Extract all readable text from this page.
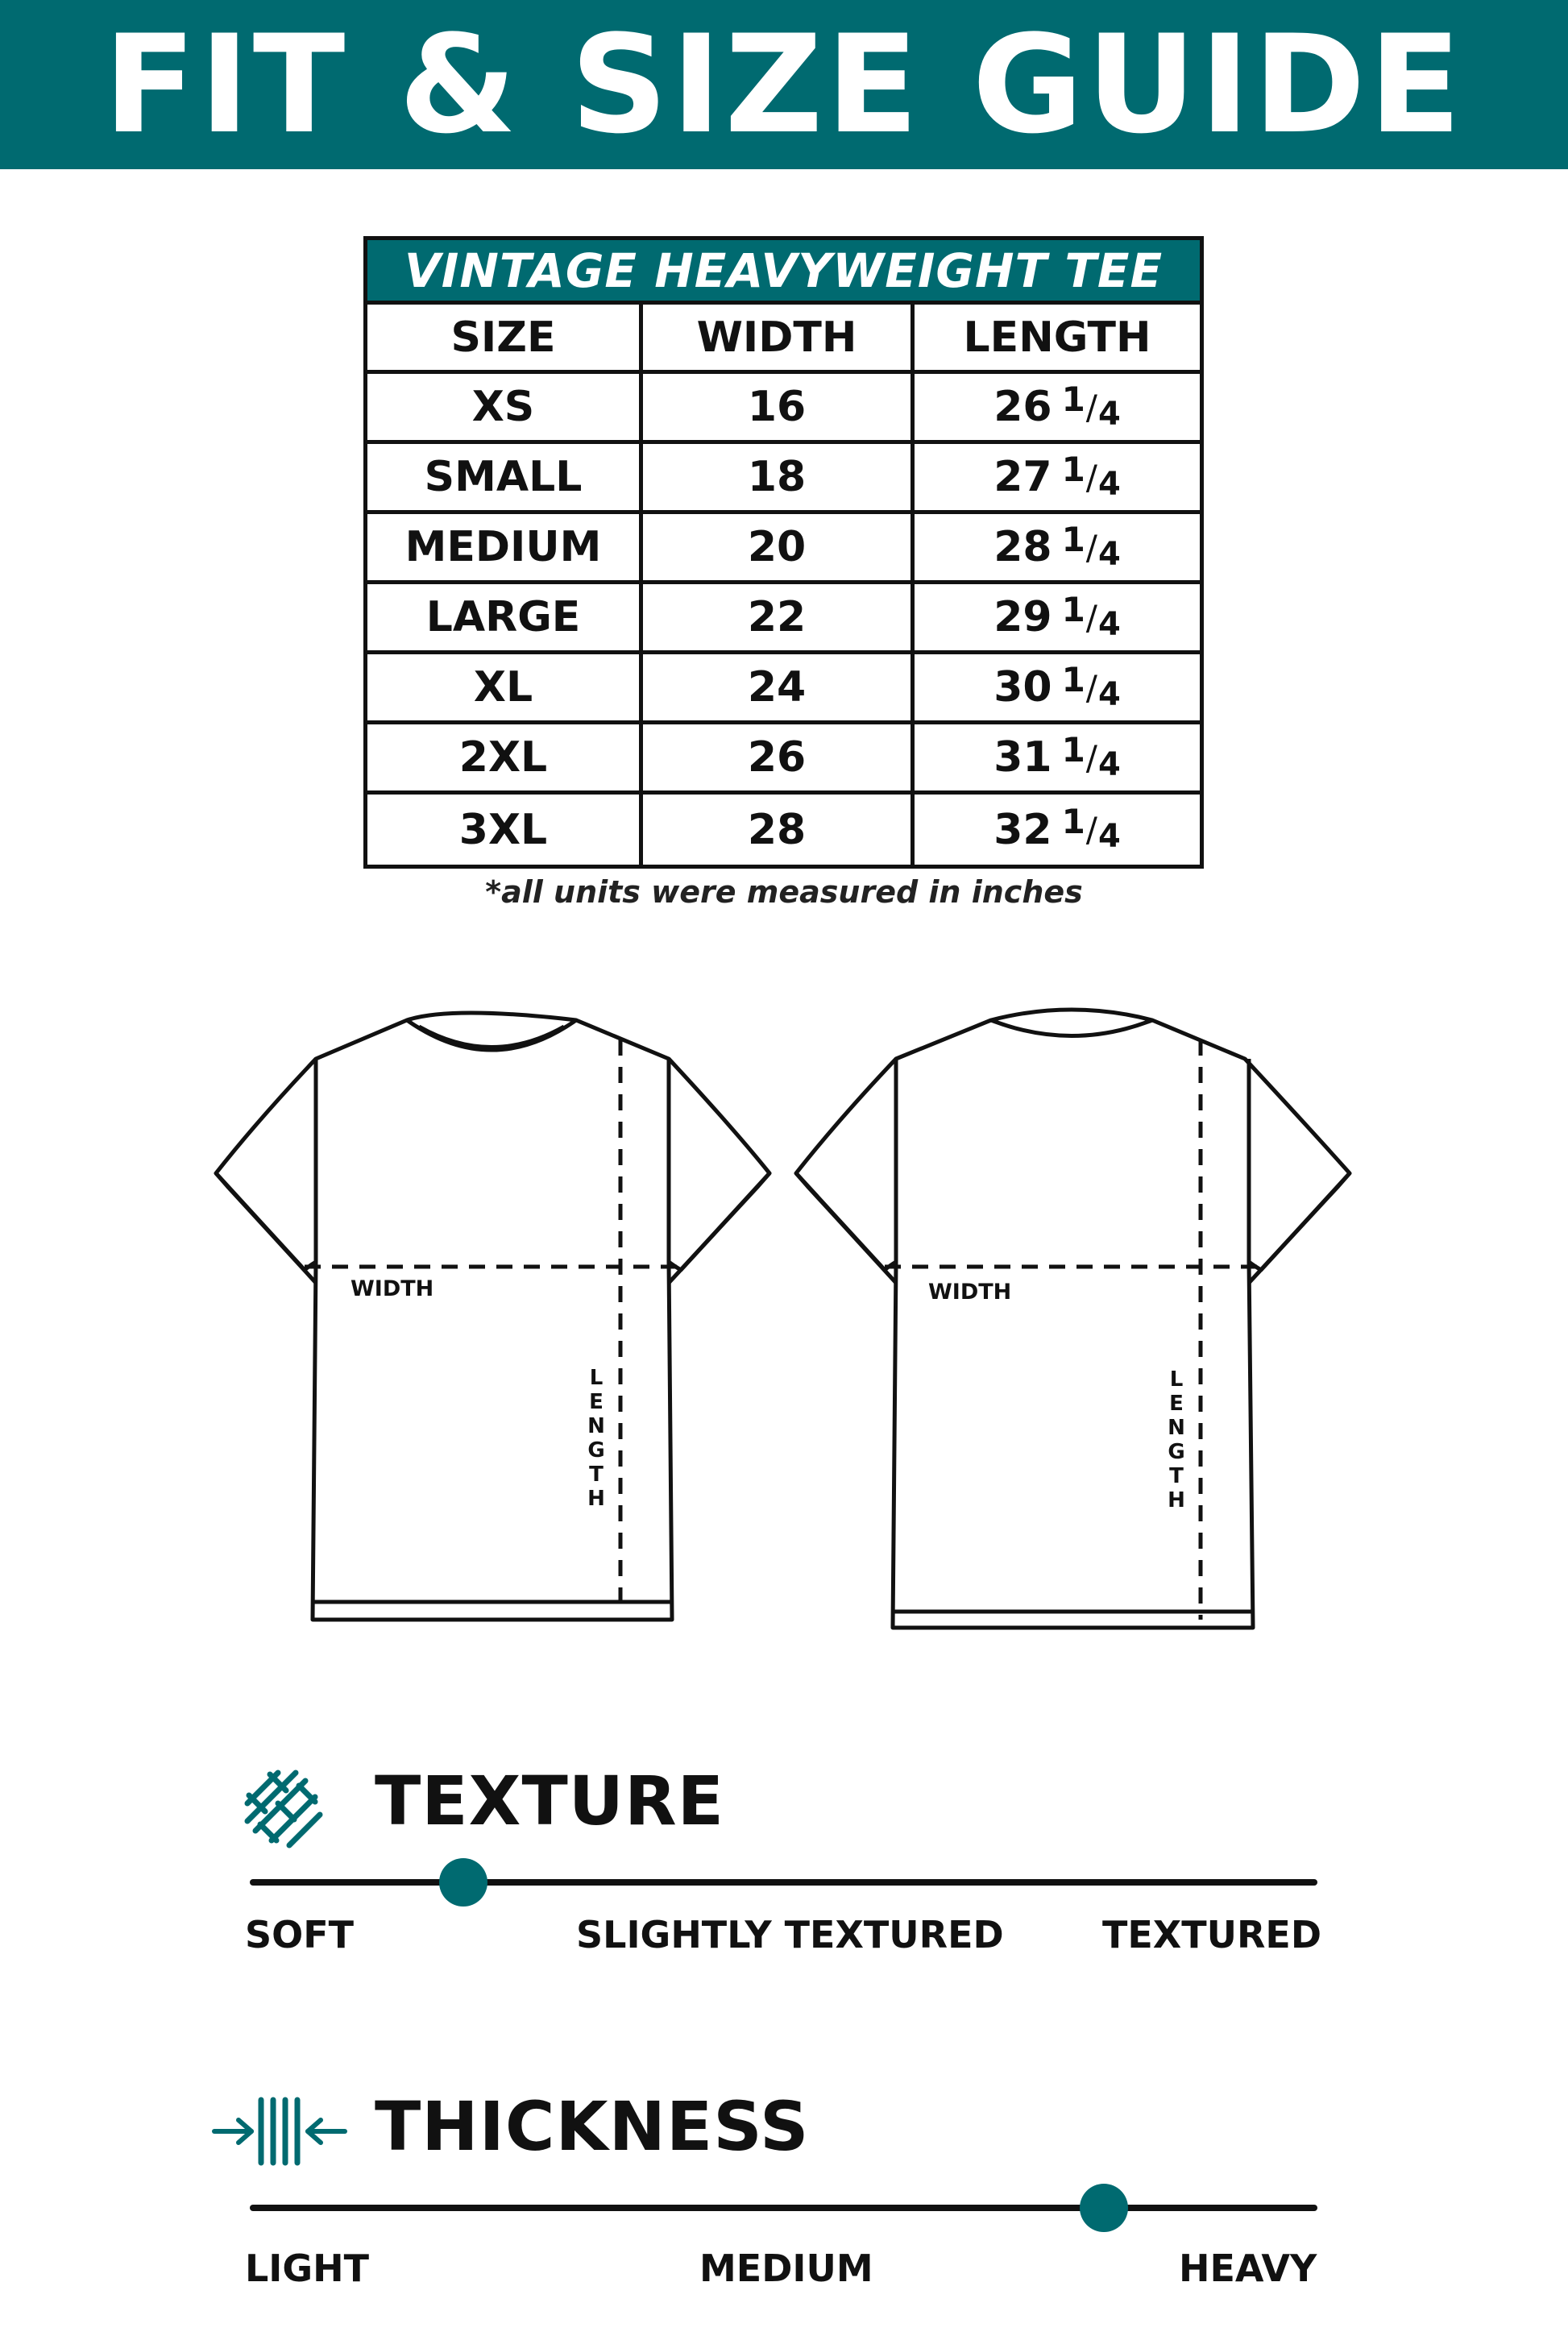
FIT & SIZE GUIDE
VINTAGE HEAVYWEIGHT TEE
SIZE	WIDTH	LENGTH
XS	16	26 1 / 4
SMALL	18	27 1 / 4
MEDIUM	20	28 1 / 4
LARGE	22	29 1 / 4
XL	24	30 1 / 4
2XL	26	31 1 / 4
3XL	28	32 1 / 4
*all units were measured in inches
WIDTH
L E N G T H
WIDTH
L E N G T H
TEXTURE
SOFT	SLIGHTLY TEXTURED	TEXTURED
THICKNESS
LIGHT	MEDIUM	HEAVY
